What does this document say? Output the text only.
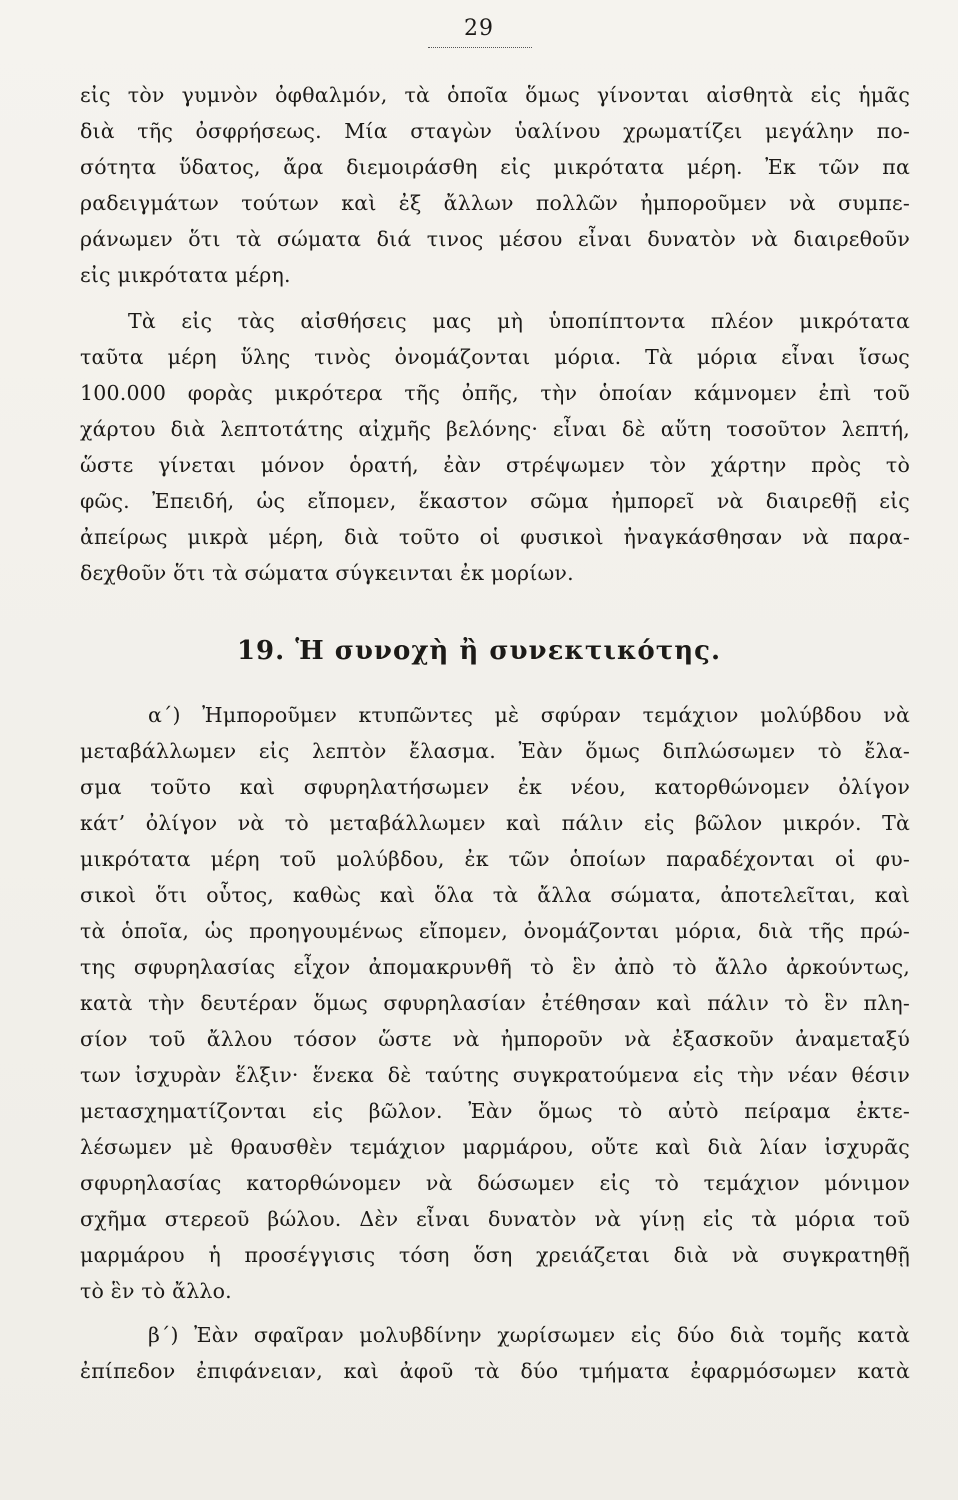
29
εἰς τὸν γυμνὸν ὀφθαλμόν, τὰ ὁποῖα ὅμως γίνονται αἰσθητὰ εἰς ἡμᾶς
διὰ τῆς ὀσφρήσεως. Μία σταγὼν ὑαλίνου χρωματίζει μεγάλην πο-
σότητα ὕδατος, ἄρα διεμοιράσθη εἰς μικρότατα μέρη. Ἐκ τῶν πα
ραδειγμάτων τούτων καὶ ἐξ ἄλλων πολλῶν ἠμποροῦμεν νὰ συμπε-
ράνωμεν ὅτι τὰ σώματα διά τινος μέσου εἶναι δυνατὸν νὰ διαιρεθοῦν
εἰς μικρότατα μέρη.
Τὰ εἰς τὰς αἰσθήσεις μας μὴ ὑποπίπτοντα πλέον μικρότατα
ταῦτα μέρη ὕλης τινὸς ὀνομάζονται μόρια. Τὰ μόρια εἶναι ἴσως
100.000 φορὰς μικρότερα τῆς ὀπῆς, τὴν ὁποίαν κάμνομεν ἐπὶ τοῦ
χάρτου διὰ λεπτοτάτης αἰχμῆς βελόνης· εἶναι δὲ αὕτη τοσοῦτον λεπτή,
ὥστε γίνεται μόνον ὁρατή, ἐὰν στρέψωμεν τὸν χάρτην πρὸς τὸ
φῶς. Ἐπειδή, ὡς εἴπομεν, ἕκαστον σῶμα ἠμπορεῖ νὰ διαιρεθῇ εἰς
ἀπείρως μικρὰ μέρη, διὰ τοῦτο οἱ φυσικοὶ ἠναγκάσθησαν νὰ παρα-
δεχθοῦν ὅτι τὰ σώματα σύγκεινται ἐκ μορίων.
19. Ἡ συνοχὴ ἢ συνεκτικότης.
α΄) Ἠμποροῦμεν κτυπῶντες μὲ σφύραν τεμάχιον μολύβδου νὰ
μεταβάλλωμεν εἰς λεπτὸν ἔλασμα. Ἐὰν ὅμως διπλώσωμεν τὸ ἔλα-
σμα τοῦτο καὶ σφυρηλατήσωμεν ἐκ νέου, κατορθώνομεν ὀλίγον
κάτ’ ὀλίγον νὰ τὸ μεταβάλλωμεν καὶ πάλιν εἰς βῶλον μικρόν. Τὰ
μικρότατα μέρη τοῦ μολύβδου, ἐκ τῶν ὁποίων παραδέχονται οἱ φυ-
σικοὶ ὅτι οὗτος, καθὼς καὶ ὅλα τὰ ἄλλα σώματα, ἀποτελεῖται, καὶ
τὰ ὁποῖα, ὡς προηγουμένως εἴπομεν, ὀνομάζονται μόρια, διὰ τῆς πρώ-
της σφυρηλασίας εἶχον ἀπομακρυνθῆ τὸ ἓν ἀπὸ τὸ ἄλλο ἀρκούντως,
κατὰ τὴν δευτέραν ὅμως σφυρηλασίαν ἐτέθησαν καὶ πάλιν τὸ ἓν πλη-
σίον τοῦ ἄλλου τόσον ὥστε νὰ ἠμποροῦν νὰ ἐξασκοῦν ἀναμεταξύ
των ἰσχυρὰν ἕλξιν· ἕνεκα δὲ ταύτης συγκρατούμενα εἰς τὴν νέαν θέσιν
μετασχηματίζονται εἰς βῶλον. Ἐὰν ὅμως τὸ αὐτὸ πείραμα ἐκτε-
λέσωμεν μὲ θραυσθὲν τεμάχιον μαρμάρου, οὔτε καὶ διὰ λίαν ἰσχυρᾶς
σφυρηλασίας κατορθώνομεν νὰ δώσωμεν εἰς τὸ τεμάχιον μόνιμον
σχῆμα στερεοῦ βώλου. Δὲν εἶναι δυνατὸν νὰ γίνῃ εἰς τὰ μόρια τοῦ
μαρμάρου ἡ προσέγγισις τόση ὅση χρειάζεται διὰ νὰ συγκρατηθῇ
τὸ ἓν τὸ ἄλλο.
β΄) Ἐὰν σφαῖραν μολυβδίνην χωρίσωμεν εἰς δύο διὰ τομῆς κατὰ
ἐπίπεδον ἐπιφάνειαν, καὶ ἀφοῦ τὰ δύο τμήματα ἐφαρμόσωμεν κατὰ
